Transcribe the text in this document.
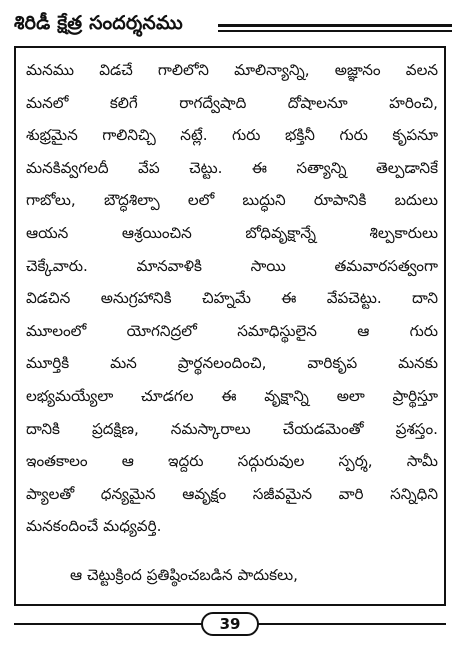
శిరిడీ క్షేత్ర సందర్శనము
మనము విడచే గాలిలోని మాలిన్యాన్ని, అజ్ఞానం వలన
మనలో కలిగే రాగద్వేషాది దోషాలనూ హరించి,
శుభ్రమైన గాలినిచ్చి నట్లే. గురు భక్తినీ గురు కృపనూ
మనకివ్వగలదీ వేప చెట్టు. ఈ సత్యాన్ని తెల్పడానికే
గాబోలు, బౌద్ధశిల్పా లలో బుద్ధుని రూపానికి బదులు
ఆయన ఆశ్రయించిన బోధివృక్షాన్నే శిల్పకారులు
చెక్కేవారు. మానవాళికి సాయి తమవారసత్వంగా
విడచిన అనుగ్రహానికి చిహ్నమే ఈ వేపచెట్టు. దాని
మూలంలో యోగనిద్రలో సమాధిస్థులైన ఆ గురు
మూర్తికి మన ప్రార్థనలందించి, వారికృప మనకు
లభ్యమయ్యేలా చూడగల ఈ వృక్షాన్ని అలా ప్రార్థిస్తూ
దానికి ప్రదక్షిణ, నమస్కారాలు చేయడమెంతో ప్రశస్తం.
ఇంతకాలం ఆ ఇద్దరు సద్గురువుల స్పర్శ, సామీ
ప్యాలతో ధన్యమైన ఆవృక్షం సజీవమైన వారి సన్నిధిని
మనకందించే మధ్యవర్తి.
ఆ చెట్టుక్రింద ప్రతిష్ఠించబడిన పాదుకలు,
39
